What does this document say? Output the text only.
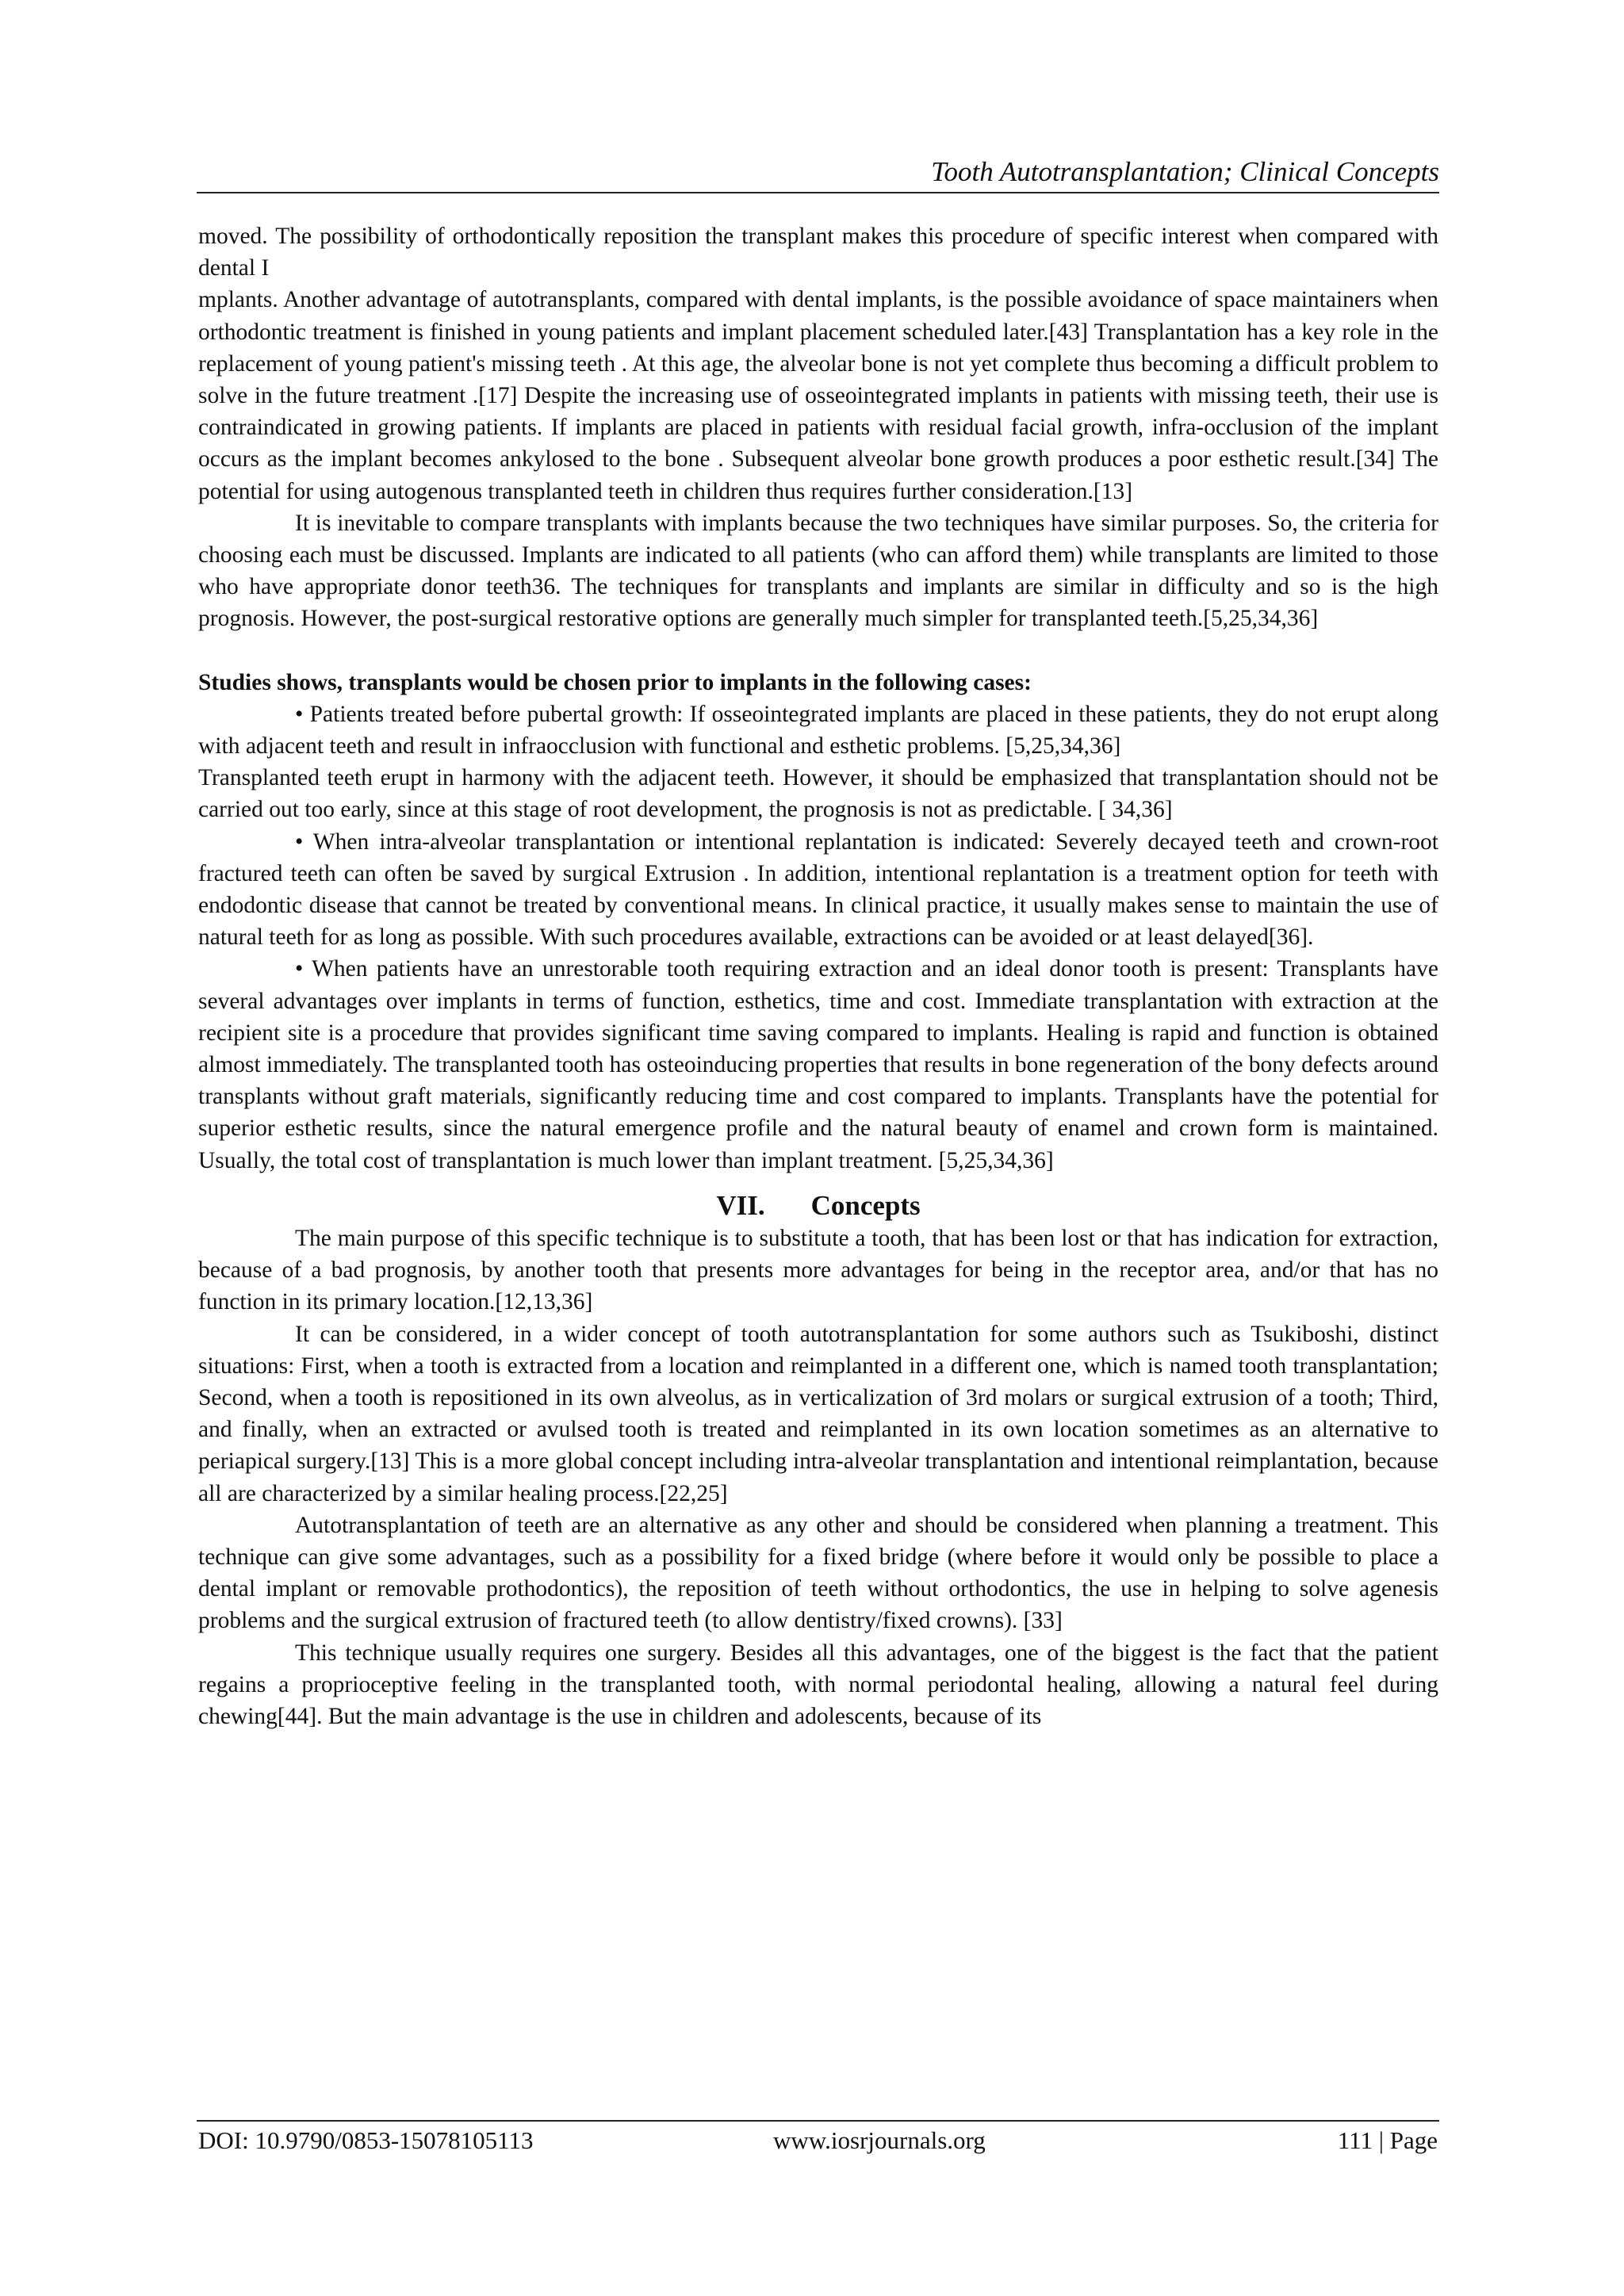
Tooth Autotransplantation; Clinical Concepts

moved. The possibility of orthodontically reposition the transplant makes this procedure of specific interest when compared with dental I

mplants. Another advantage of autotransplants, compared with dental implants, is the possible avoidance of space maintainers when orthodontic treatment is finished in young patients and implant placement scheduled later.[43] Transplantation has a key role in the replacement of young patient's missing teeth . At this age, the alveolar bone is not yet complete thus becoming a difficult problem to solve in the future treatment .[17] Despite the increasing use of osseointegrated implants in patients with missing teeth, their use is contraindicated in growing patients. If implants are placed in patients with residual facial growth, infra-occlusion of the implant occurs as the implant becomes ankylosed to the bone . Subsequent alveolar bone growth produces a poor esthetic result.[34] The potential for using autogenous transplanted teeth in children thus requires further consideration.[13]

It is inevitable to compare transplants with implants because the two techniques have similar purposes. So, the criteria for choosing each must be discussed. Implants are indicated to all patients (who can afford them) while transplants are limited to those who have appropriate donor teeth36. The techniques for transplants and implants are similar in difficulty and so is the high prognosis. However, the post-surgical restorative options are generally much simpler for transplanted teeth.[5,25,34,36]

Studies shows, transplants would be chosen prior to implants in the following cases:

• Patients treated before pubertal growth: If osseointegrated implants are placed in these patients, they do not erupt along with adjacent teeth and result in infraocclusion with functional and esthetic problems. [5,25,34,36]

Transplanted teeth erupt in harmony with the adjacent teeth. However, it should be emphasized that transplantation should not be carried out too early, since at this stage of root development, the prognosis is not as predictable. [ 34,36]

• When intra-alveolar transplantation or intentional replantation is indicated: Severely decayed teeth and crown-root fractured teeth can often be saved by surgical Extrusion . In addition, intentional replantation is a treatment option for teeth with endodontic disease that cannot be treated by conventional means. In clinical practice, it usually makes sense to maintain the use of natural teeth for as long as possible. With such procedures available, extractions can be avoided or at least delayed[36].

• When patients have an unrestorable tooth requiring extraction and an ideal donor tooth is present: Transplants have several advantages over implants in terms of function, esthetics, time and cost. Immediate transplantation with extraction at the recipient site is a procedure that provides significant time saving compared to implants. Healing is rapid and function is obtained almost immediately. The transplanted tooth has osteoinducing properties that results in bone regeneration of the bony defects around transplants without graft materials, significantly reducing time and cost compared to implants. Transplants have the potential for superior esthetic results, since the natural emergence profile and the natural beauty of enamel and crown form is maintained. Usually, the total cost of transplantation is much lower than implant treatment. [5,25,34,36]

VII. Concepts

The main purpose of this specific technique is to substitute a tooth, that has been lost or that has indication for extraction, because of a bad prognosis, by another tooth that presents more advantages for being in the receptor area, and/or that has no function in its primary location.[12,13,36]

It can be considered, in a wider concept of tooth autotransplantation for some authors such as Tsukiboshi, distinct situations: First, when a tooth is extracted from a location and reimplanted in a different one, which is named tooth transplantation; Second, when a tooth is repositioned in its own alveolus, as in verticalization of 3rd molars or surgical extrusion of a tooth; Third, and finally, when an extracted or avulsed tooth is treated and reimplanted in its own location sometimes as an alternative to periapical surgery.[13] This is a more global concept including intra-alveolar transplantation and intentional reimplantation, because all are characterized by a similar healing process.[22,25]

Autotransplantation of teeth are an alternative as any other and should be considered when planning a treatment. This technique can give some advantages, such as a possibility for a fixed bridge (where before it would only be possible to place a dental implant or removable prothodontics), the reposition of teeth without orthodontics, the use in helping to solve agenesis problems and the surgical extrusion of fractured teeth (to allow dentistry/fixed crowns). [33]

This technique usually requires one surgery. Besides all this advantages, one of the biggest is the fact that the patient regains a proprioceptive feeling in the transplanted tooth, with normal periodontal healing, allowing a natural feel during chewing[44]. But the main advantage is the use in children and adolescents, because of its

DOI: 10.9790/0853-15078105113	www.iosrjournals.org	111 | Page
